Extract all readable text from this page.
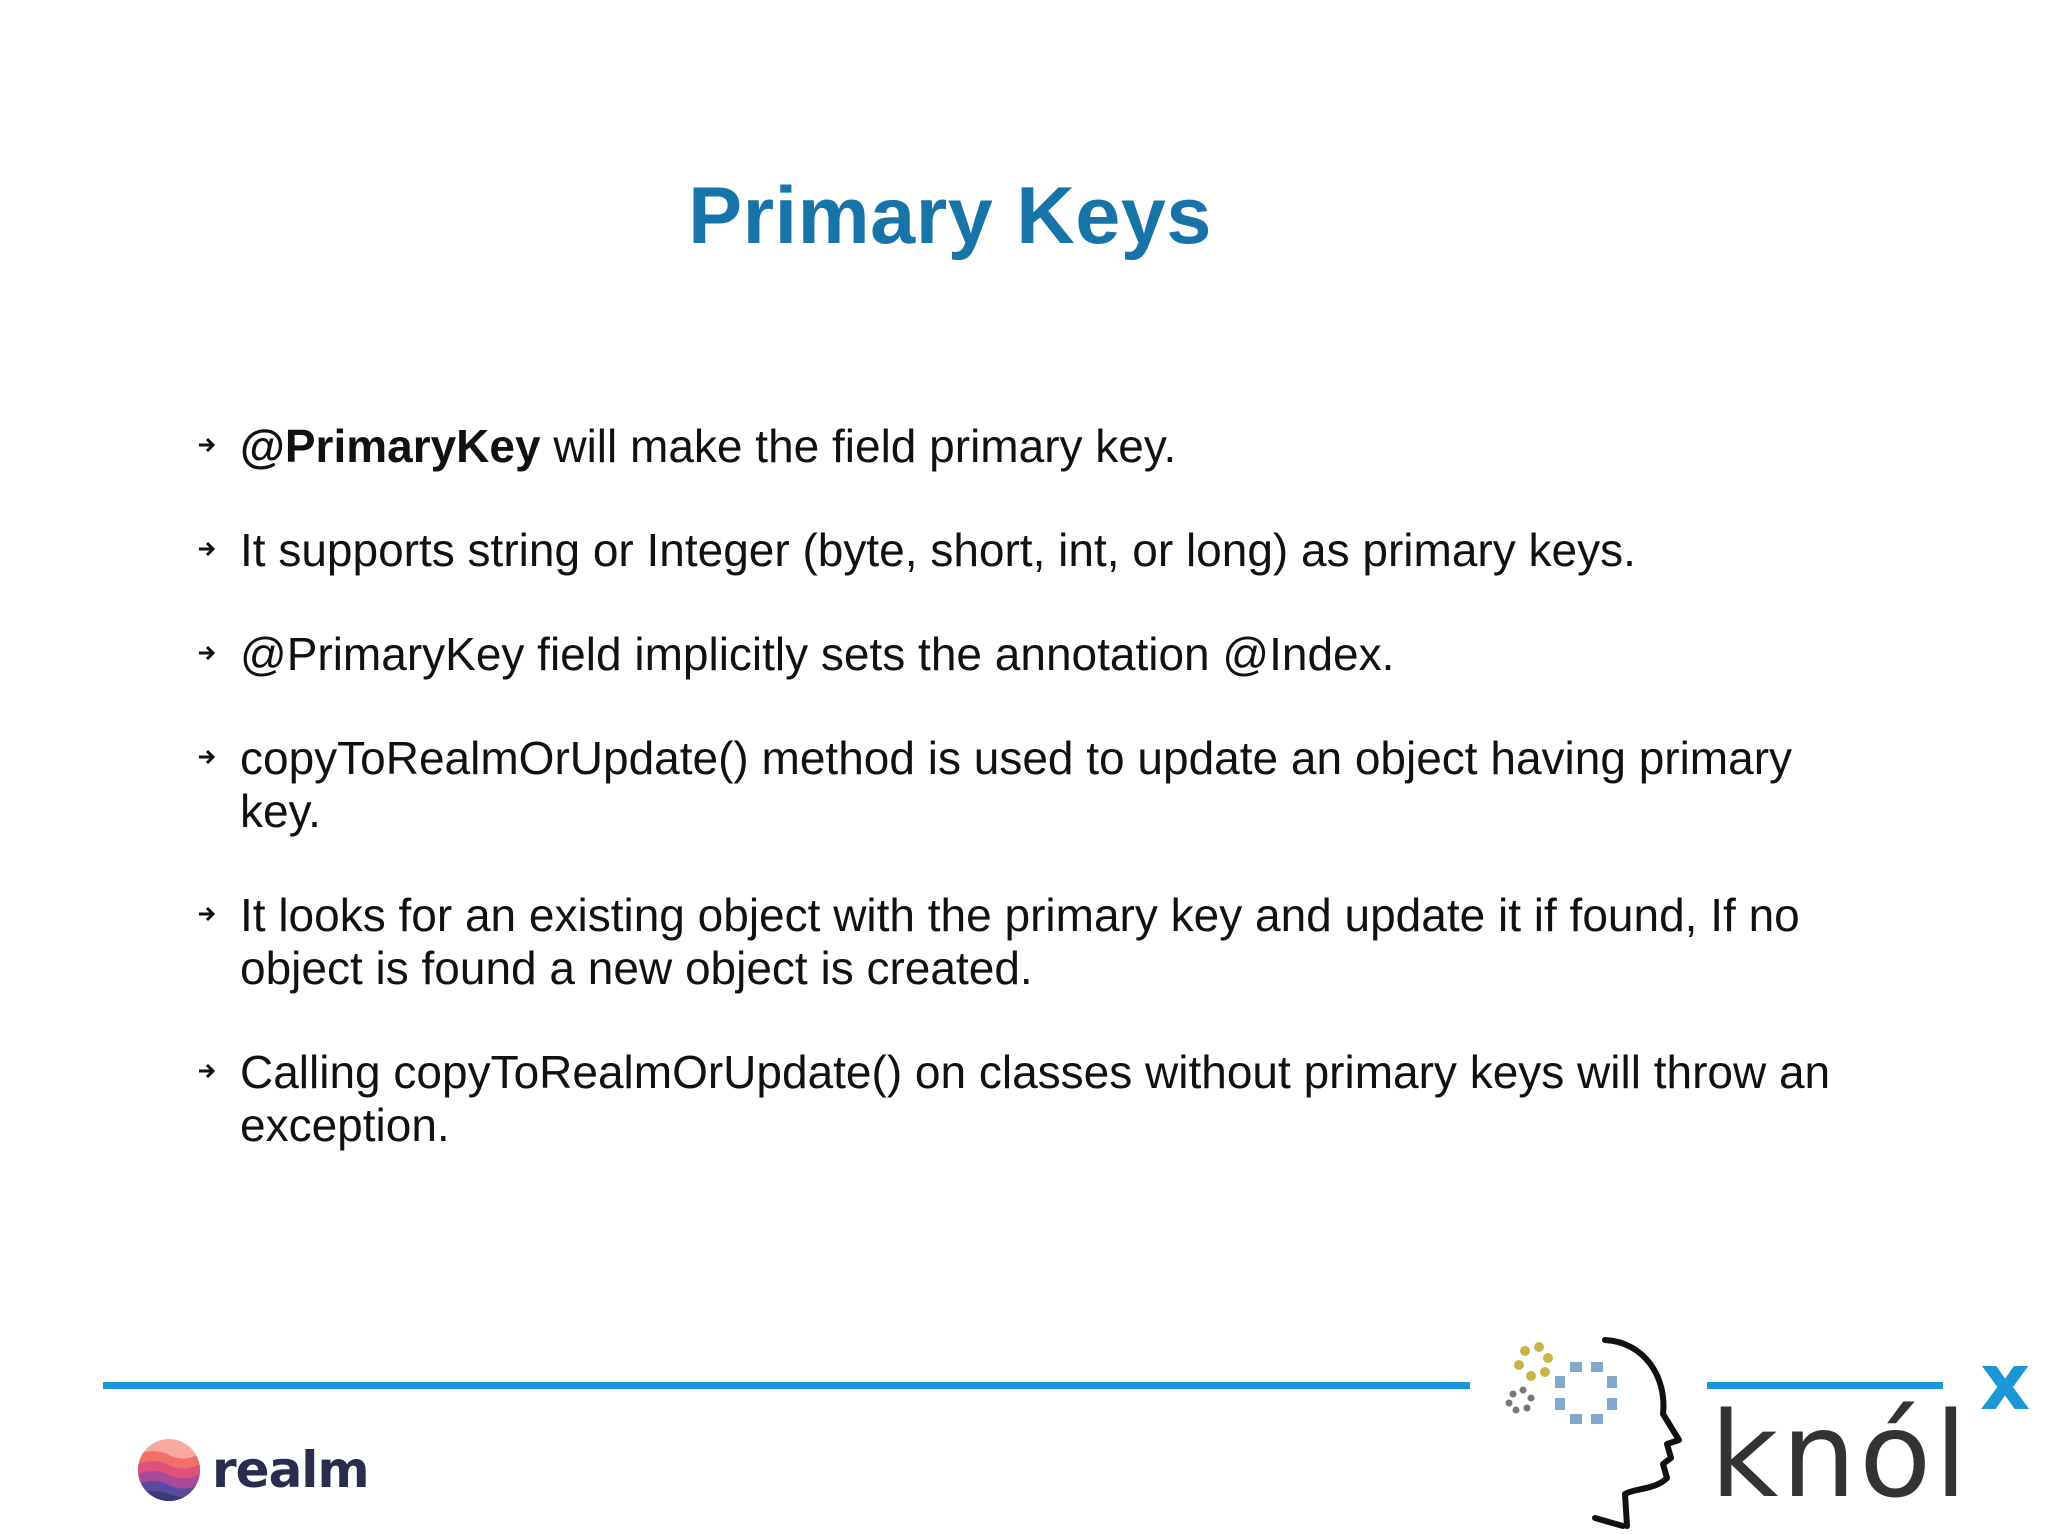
Primary Keys
@PrimaryKey will make the field primary key.
It supports string or Integer (byte, short, int, or long) as primary keys.
@PrimaryKey field implicitly sets the annotation @Index.
copyToRealmOrUpdate() method is used to update an object having primary key.
It looks for an existing object with the primary key and update it if found, If no object is found a new object is created.
Calling copyToRealmOrUpdate() on classes without primary keys will throw an exception.
realm	knól
x
